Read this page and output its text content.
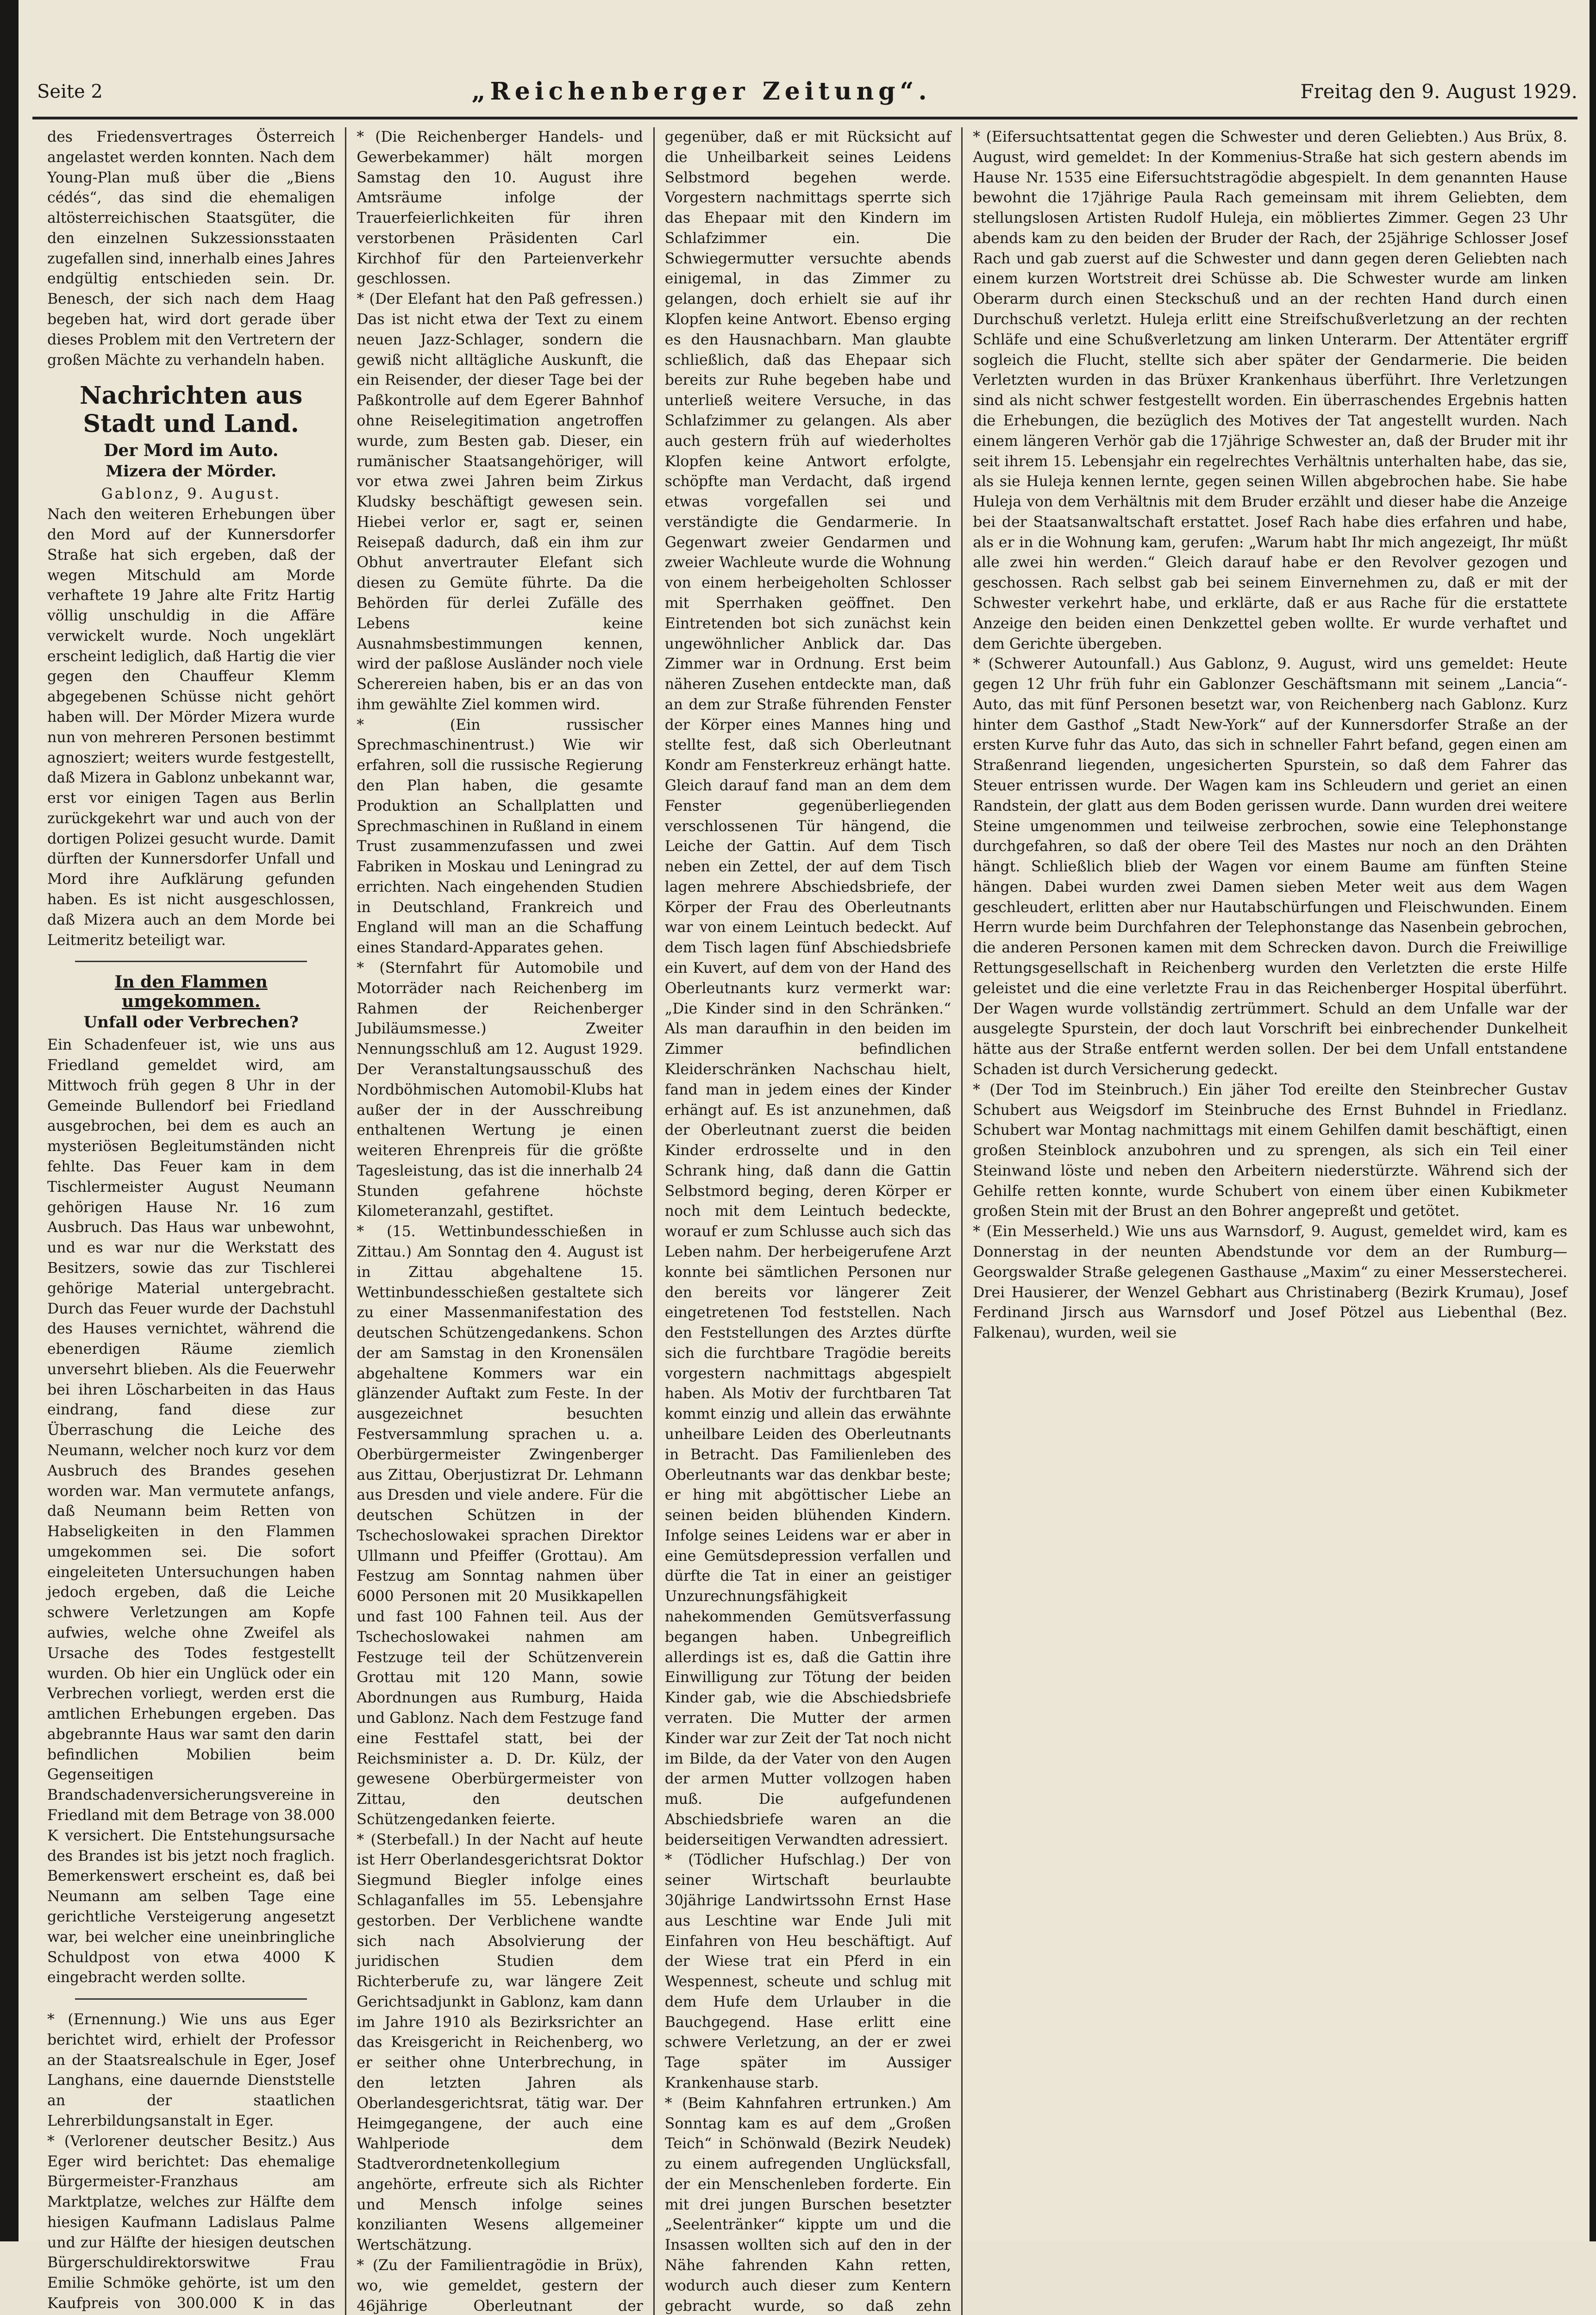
Seite 2	„Reichenberger Zeitung“.	Freitag den 9. August 1929.

des Friedensvertrages Österreich angelastet werden konnten. Nach dem Young-Plan muß über die „Biens cédés“, das sind die ehemaligen altösterreichischen Staatsgüter, die den einzelnen Sukzessionsstaaten zugefallen sind, innerhalb eines Jahres endgültig entschieden sein. Dr. Benesch, der sich nach dem Haag begeben hat, wird dort gerade über dieses Problem mit den Vertretern der großen Mächte zu verhandeln haben.

Nachrichten aus Stadt und Land.
Der Mord im Auto.
Mizera der Mörder.

Gablonz, 9. August.

Nach den weiteren Erhebungen über den Mord auf der Kunnersdorfer Straße hat sich ergeben, daß der wegen Mitschuld am Morde verhaftete 19 Jahre alte Fritz Hartig völlig unschuldig in die Affäre verwickelt wurde. Noch ungeklärt erscheint lediglich, daß Hartig die vier gegen den Chauffeur Klemm abgegebenen Schüsse nicht gehört haben will. Der Mörder Mizera wurde nun von mehreren Personen bestimmt agnosziert; weiters wurde festgestellt, daß Mizera in Gablonz unbekannt war, erst vor einigen Tagen aus Berlin zurückgekehrt war und auch von der dortigen Polizei gesucht wurde. Damit dürften der Kunnersdorfer Unfall und Mord ihre Aufklärung gefunden haben. Es ist nicht ausgeschlossen, daß Mizera auch an dem Morde bei Leitmeritz beteiligt war.

In den Flammen umgekommen.
Unfall oder Verbrechen?

Ein Schadenfeuer ist, wie uns aus Friedland gemeldet wird, am Mittwoch früh gegen 8 Uhr in der Gemeinde Bullendorf bei Friedland ausgebrochen, bei dem es auch an mysteriösen Begleitumständen nicht fehlte. Das Feuer kam in dem Tischlermeister August Neumann gehörigen Hause Nr. 16 zum Ausbruch. Das Haus war unbewohnt, und es war nur die Werkstatt des Besitzers, sowie das zur Tischlerei gehörige Material untergebracht. Durch das Feuer wurde der Dachstuhl des Hauses vernichtet, während die ebenerdigen Räume ziemlich unversehrt blieben. Als die Feuerwehr bei ihren Löscharbeiten in das Haus eindrang, fand diese zur Überraschung die Leiche des Neumann, welcher noch kurz vor dem Ausbruch des Brandes gesehen worden war. Man vermutete anfangs, daß Neumann beim Retten von Habseligkeiten in den Flammen umgekommen sei. Die sofort eingeleiteten Untersuchungen haben jedoch ergeben, daß die Leiche schwere Verletzungen am Kopfe aufwies, welche ohne Zweifel als Ursache des Todes festgestellt wurden. Ob hier ein Unglück oder ein Verbrechen vorliegt, werden erst die amtlichen Erhebungen ergeben. Das abgebrannte Haus war samt den darin befindlichen Mobilien beim Gegenseitigen Brandschadenversicherungsvereine in Friedland mit dem Betrage von 38.000 K versichert. Die Entstehungsursache des Brandes ist bis jetzt noch fraglich. Bemerkenswert erscheint es, daß bei Neumann am selben Tage eine gerichtliche Versteigerung angesetzt war, bei welcher eine uneinbringliche Schuldpost von etwa 4000 K eingebracht werden sollte.

* (Ernennung.) Wie uns aus Eger berichtet wird, erhielt der Professor an der Staatsrealschule in Eger, Josef Langhans, eine dauernde Dienststelle an der staatlichen Lehrerbildungsanstalt in Eger.

* (Verlorener deutscher Besitz.) Aus Eger wird berichtet: Das ehemalige Bürgermeister-Franzhaus am Marktplatze, welches zur Hälfte dem hiesigen Kaufmann Ladislaus Palme und zur Hälfte der hiesigen deutschen Bürgerschuldirektorswitwe Frau Emilie Schmöke gehörte, ist um den Kaufpreis von 300.000 K in das

* (Die Reichenberger Handels- und Gewerbekammer) hält morgen Samstag den 10. August ihre Amtsräume infolge der Trauerfeierlichkeiten für ihren verstorbenen Präsidenten Carl Kirchhof für den Parteienverkehr geschlossen.

* (Der Elefant hat den Paß gefressen.) Das ist nicht etwa der Text zu einem neuen Jazz-Schlager, sondern die gewiß nicht alltägliche Auskunft, die ein Reisender, der dieser Tage bei der Paßkontrolle auf dem Egerer Bahnhof ohne Reiselegitimation angetroffen wurde, zum Besten gab. Dieser, ein rumänischer Staatsangehöriger, will vor etwa zwei Jahren beim Zirkus Kludsky beschäftigt gewesen sein. Hiebei verlor er, sagt er, seinen Reisepaß dadurch, daß ein ihm zur Obhut anvertrauter Elefant sich diesen zu Gemüte führte. Da die Behörden für derlei Zufälle des Lebens keine Ausnahmsbestimmungen kennen, wird der paßlose Ausländer noch viele Scherereien haben, bis er an das von ihm gewählte Ziel kommen wird.

* (Ein russischer Sprechmaschinentrust.) Wie wir erfahren, soll die russische Regierung den Plan haben, die gesamte Produktion an Schallplatten und Sprechmaschinen in Rußland in einem Trust zusammenzufassen und zwei Fabriken in Moskau und Leningrad zu errichten. Nach eingehenden Studien in Deutschland, Frankreich und England will man an die Schaffung eines Standard-Apparates gehen.

* (Sternfahrt für Automobile und Motorräder nach Reichenberg im Rahmen der Reichenberger Jubiläumsmesse.) Zweiter Nennungsschluß am 12. August 1929. Der Veranstaltungsausschuß des Nordböhmischen Automobil-Klubs hat außer der in der Ausschreibung enthaltenen Wertung je einen weiteren Ehrenpreis für die größte Tagesleistung, das ist die innerhalb 24 Stunden gefahrene höchste Kilometeranzahl, gestiftet.

* (15. Wettinbundesschießen in Zittau.) Am Sonntag den 4. August ist in Zittau abgehaltene 15. Wettinbundesschießen gestaltete sich zu einer Massenmanifestation des deutschen Schützengedankens. Schon der am Samstag in den Kronensälen abgehaltene Kommers war ein glänzender Auftakt zum Feste. In der ausgezeichnet besuchten Festversammlung sprachen u. a. Oberbürgermeister Zwingenberger aus Zittau, Oberjustizrat Dr. Lehmann aus Dresden und viele andere. Für die deutschen Schützen in der Tschechoslowakei sprachen Direktor Ullmann und Pfeiffer (Grottau). Am Festzug am Sonntag nahmen über 6000 Personen mit 20 Musikkapellen und fast 100 Fahnen teil. Aus der Tschechoslowakei nahmen am Festzuge teil der Schützenverein Grottau mit 120 Mann, sowie Abordnungen aus Rumburg, Haida und Gablonz. Nach dem Festzuge fand eine Festtafel statt, bei der Reichsminister a. D. Dr. Külz, der gewesene Oberbürgermeister von Zittau, den deutschen Schützengedanken feierte.

* (Sterbefall.) In der Nacht auf heute ist Herr Oberlandesgerichtsrat Doktor Siegmund Biegler infolge eines Schlaganfalles im 55. Lebensjahre gestorben. Der Verblichene wandte sich nach Absolvierung der juridischen Studien dem Richterberufe zu, war längere Zeit Gerichtsadjunkt in Gablonz, kam dann im Jahre 1910 als Bezirksrichter an das Kreisgericht in Reichenberg, wo er seither ohne Unterbrechung, in den letzten Jahren als Oberlandesgerichtsrat, tätig war. Der Heimgegangene, der auch eine Wahlperiode dem Stadtverordnetenkollegium angehörte, erfreute sich als Richter und Mensch infolge seines konzilianten Wesens allgemeiner Wertschätzung.

* (Zu der Familientragödie in Brüx), wo, wie gemeldet, gestern der 46jährige Oberleutnant der

gegenüber, daß er mit Rücksicht auf die Unheilbarkeit seines Leidens Selbstmord begehen werde. Vorgestern nachmittags sperrte sich das Ehepaar mit den Kindern im Schlafzimmer ein. Die Schwiegermutter versuchte abends einigemal, in das Zimmer zu gelangen, doch erhielt sie auf ihr Klopfen keine Antwort. Ebenso erging es den Hausnachbarn. Man glaubte schließlich, daß das Ehepaar sich bereits zur Ruhe begeben habe und unterließ weitere Versuche, in das Schlafzimmer zu gelangen. Als aber auch gestern früh auf wiederholtes Klopfen keine Antwort erfolgte, schöpfte man Verdacht, daß irgend etwas vorgefallen sei und verständigte die Gendarmerie. In Gegenwart zweier Gendarmen und zweier Wachleute wurde die Wohnung von einem herbeigeholten Schlosser mit Sperrhaken geöffnet. Den Eintretenden bot sich zunächst kein ungewöhnlicher Anblick dar. Das Zimmer war in Ordnung. Erst beim näheren Zusehen entdeckte man, daß an dem zur Straße führenden Fenster der Körper eines Mannes hing und stellte fest, daß sich Oberleutnant Kondr am Fensterkreuz erhängt hatte. Gleich darauf fand man an dem dem Fenster gegenüberliegenden verschlossenen Tür hängend, die Leiche der Gattin. Auf dem Tisch neben ein Zettel, der auf dem Tisch lagen mehrere Abschiedsbriefe, der Körper der Frau des Oberleutnants war von einem Leintuch bedeckt. Auf dem Tisch lagen fünf Abschiedsbriefe ein Kuvert, auf dem von der Hand des Oberleutnants kurz vermerkt war: „Die Kinder sind in den Schränken.“ Als man daraufhin in den beiden im Zimmer befindlichen Kleiderschränken Nachschau hielt, fand man in jedem eines der Kinder erhängt auf. Es ist anzunehmen, daß der Oberleutnant zuerst die beiden Kinder erdrosselte und in den Schrank hing, daß dann die Gattin Selbstmord beging, deren Körper er noch mit dem Leintuch bedeckte, worauf er zum Schlusse auch sich das Leben nahm. Der herbeigerufene Arzt konnte bei sämtlichen Personen nur den bereits vor längerer Zeit eingetretenen Tod feststellen. Nach den Feststellungen des Arztes dürfte sich die furchtbare Tragödie bereits vorgestern nachmittags abgespielt haben. Als Motiv der furchtbaren Tat kommt einzig und allein das erwähnte unheilbare Leiden des Oberleutnants in Betracht. Das Familienleben des Oberleutnants war das denkbar beste; er hing mit abgöttischer Liebe an seinen beiden blühenden Kindern. Infolge seines Leidens war er aber in eine Gemütsdepression verfallen und dürfte die Tat in einer an geistiger Unzurechnungsfähigkeit nahekommenden Gemütsverfassung begangen haben. Unbegreiflich allerdings ist es, daß die Gattin ihre Einwilligung zur Tötung der beiden Kinder gab, wie die Abschiedsbriefe verraten. Die Mutter der armen Kinder war zur Zeit der Tat noch nicht im Bilde, da der Vater von den Augen der armen Mutter vollzogen haben muß. Die aufgefundenen Abschiedsbriefe waren an die beiderseitigen Verwandten adressiert.

* (Tödlicher Hufschlag.) Der von seiner Wirtschaft beurlaubte 30jährige Landwirtssohn Ernst Hase aus Leschtine war Ende Juli mit Einfahren von Heu beschäftigt. Auf der Wiese trat ein Pferd in ein Wespennest, scheute und schlug mit dem Hufe dem Urlauber in die Bauchgegend. Hase erlitt eine schwere Verletzung, an der er zwei Tage später im Aussiger Krankenhause starb.

* (Beim Kahnfahren ertrunken.) Am Sonntag kam es auf dem „Großen Teich“ in Schönwald (Bezirk Neudek) zu einem aufregenden Unglücksfall, der ein Menschenleben forderte. Ein mit drei jungen Burschen besetzter „Seelentränker“ kippte um und die Insassen wollten sich auf den in der Nähe fahrenden Kahn retten, wodurch auch dieser zum Kentern gebracht wurde, so daß zehn

* (Eifersuchtsattentat gegen die Schwester und deren Geliebten.) Aus Brüx, 8. August, wird gemeldet: In der Kommenius-Straße hat sich gestern abends im Hause Nr. 1535 eine Eifersuchtstragödie abgespielt. In dem genannten Hause bewohnt die 17jährige Paula Rach gemeinsam mit ihrem Geliebten, dem stellungslosen Artisten Rudolf Huleja, ein möbliertes Zimmer. Gegen 23 Uhr abends kam zu den beiden der Bruder der Rach, der 25jährige Schlosser Josef Rach und gab zuerst auf die Schwester und dann gegen deren Geliebten nach einem kurzen Wortstreit drei Schüsse ab. Die Schwester wurde am linken Oberarm durch einen Steckschuß und an der rechten Hand durch einen Durchschuß verletzt. Huleja erlitt eine Streifschußverletzung an der rechten Schläfe und eine Schußverletzung am linken Unterarm. Der Attentäter ergriff sogleich die Flucht, stellte sich aber später der Gendarmerie. Die beiden Verletzten wurden in das Brüxer Krankenhaus überführt. Ihre Verletzungen sind als nicht schwer festgestellt worden. Ein überraschendes Ergebnis hatten die Erhebungen, die bezüglich des Motives der Tat angestellt wurden. Nach einem längeren Verhör gab die 17jährige Schwester an, daß der Bruder mit ihr seit ihrem 15. Lebensjahr ein regelrechtes Verhältnis unterhalten habe, das sie, als sie Huleja kennen lernte, gegen seinen Willen abgebrochen habe. Sie habe Huleja von dem Verhältnis mit dem Bruder erzählt und dieser habe die Anzeige bei der Staatsanwaltschaft erstattet. Josef Rach habe dies erfahren und habe, als er in die Wohnung kam, gerufen: „Warum habt Ihr mich angezeigt, Ihr müßt alle zwei hin werden.“ Gleich darauf habe er den Revolver gezogen und geschossen. Rach selbst gab bei seinem Einvernehmen zu, daß er mit der Schwester verkehrt habe, und erklärte, daß er aus Rache für die erstattete Anzeige den beiden einen Denkzettel geben wollte. Er wurde verhaftet und dem Gerichte übergeben.

* (Schwerer Autounfall.) Aus Gablonz, 9. August, wird uns gemeldet: Heute gegen 12 Uhr früh fuhr ein Gablonzer Geschäftsmann mit seinem „Lancia“-Auto, das mit fünf Personen besetzt war, von Reichenberg nach Gablonz. Kurz hinter dem Gasthof „Stadt New-York“ auf der Kunnersdorfer Straße an der ersten Kurve fuhr das Auto, das sich in schneller Fahrt befand, gegen einen am Straßenrand liegenden, ungesicherten Spurstein, so daß dem Fahrer das Steuer entrissen wurde. Der Wagen kam ins Schleudern und geriet an einen Randstein, der glatt aus dem Boden gerissen wurde. Dann wurden drei weitere Steine umgenommen und teilweise zerbrochen, sowie eine Telephonstange durchgefahren, so daß der obere Teil des Mastes nur noch an den Drähten hängt. Schließlich blieb der Wagen vor einem Baume am fünften Steine hängen. Dabei wurden zwei Damen sieben Meter weit aus dem Wagen geschleudert, erlitten aber nur Hautabschürfungen und Fleischwunden. Einem Herrn wurde beim Durchfahren der Telephonstange das Nasenbein gebrochen, die anderen Personen kamen mit dem Schrecken davon. Durch die Freiwillige Rettungsgesellschaft in Reichenberg wurden den Verletzten die erste Hilfe geleistet und die eine verletzte Frau in das Reichenberger Hospital überführt. Der Wagen wurde vollständig zertrümmert. Schuld an dem Unfalle war der ausgelegte Spurstein, der doch laut Vorschrift bei einbrechender Dunkelheit hätte aus der Straße entfernt werden sollen. Der bei dem Unfall entstandene Schaden ist durch Versicherung gedeckt.

* (Der Tod im Steinbruch.) Ein jäher Tod ereilte den Steinbrecher Gustav Schubert aus Weigsdorf im Steinbruche des Ernst Buhndel in Friedlanz. Schubert war Montag nachmittags mit einem Gehilfen damit beschäftigt, einen großen Steinblock anzubohren und zu sprengen, als sich ein Teil einer Steinwand löste und neben den Arbeitern niederstürzte. Während sich der Gehilfe retten konnte, wurde Schubert von einem über einen Kubikmeter großen Stein mit der Brust an den Bohrer angepreßt und getötet.

* (Ein Messerheld.) Wie uns aus Warnsdorf, 9. August, gemeldet wird, kam es Donnerstag in der neunten Abendstunde vor dem an der Rumburg—Georgswalder Straße gelegenen Gasthause „Maxim“ zu einer Messerstecherei. Drei Hausierer, der Wenzel Gebhart aus Christinaberg (Bezirk Krumau), Josef Ferdinand Jirsch aus Warnsdorf und Josef Pötzel aus Liebenthal (Bez. Falkenau), wurden, weil sie
